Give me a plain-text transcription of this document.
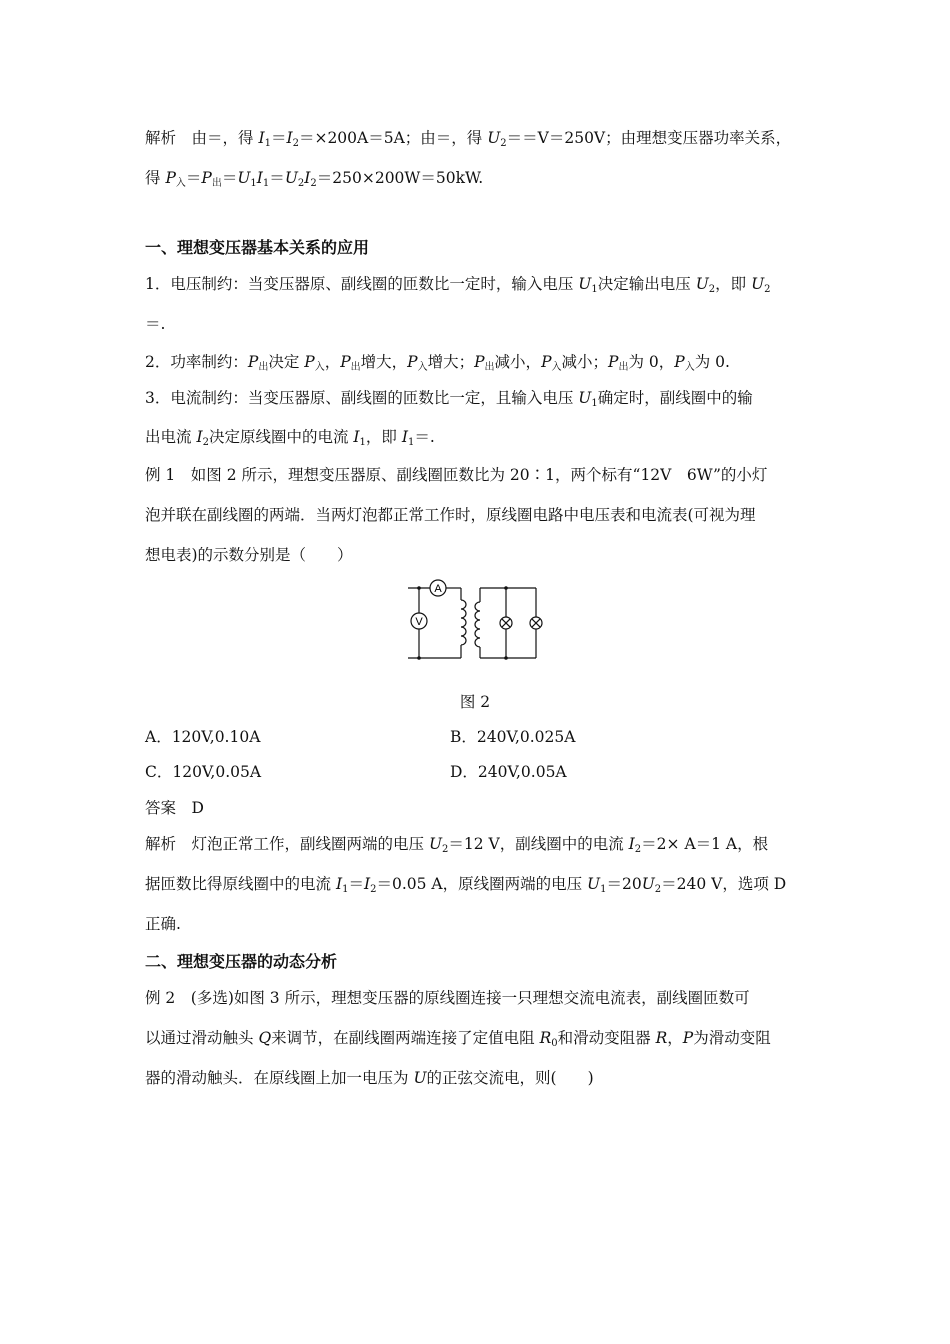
解析　由＝，得 $I_1=I_2=\times 200A=5A$；由＝，得 $U_2==V=250V$；由理想变压器功率关系，
得 $P_入=P_出=U_1I_1=U_2I_2=250\times 200W=50kW$.
一、理想变压器基本关系的应用
1．电压制约：当变压器原、副线圈的匝数比一定时，输入电压 $U_1$决定输出电压 $U_2$，即 $U_2$
＝.
2．功率制约：$P_出$决定 $P_入$，$P_出$增大，$P_入$增大；$P_出$减小，$P_入$减小；$P_出$为 0，$P_入$为 0.
3．电流制约：当变压器原、副线圈的匝数比一定，且输入电压 $U_1$确定时，副线圈中的输
出电流 $I_2$决定原线圈中的电流 $I_1$，即 $I_1=$.
例 1　如图 2 所示，理想变压器原、副线圈匝数比为 20∶1，两个标有“12V　6W”的小灯
泡并联在副线圈的两端．当两灯泡都正常工作时，原线圈电路中电压表和电流表(可视为理
想电表)的示数分别是（　　）
A
V
图 2
A．120V,0.10A	B．240V,0.025A
C．120V,0.05A	D．240V,0.05A
答案　D
解析　灯泡正常工作，副线圈两端的电压 $U_2=12$ V，副线圈中的电流 $I_2=2\times A=1$ A，根
据匝数比得原线圈中的电流 $I_1=I_2=0.05$ A，原线圈两端的电压 $U_1=20U_2=240$ V，选项 D
正确.
二、理想变压器的动态分析
例 2　(多选)如图 3 所示，理想变压器的原线圈连接一只理想交流电流表，副线圈匝数可
以通过滑动触头 Q来调节，在副线圈两端连接了定值电阻 $R_0$和滑动变阻器 R，P为滑动变阻
器的滑动触头．在原线圈上加一电压为 U的正弦交流电，则(　　)
